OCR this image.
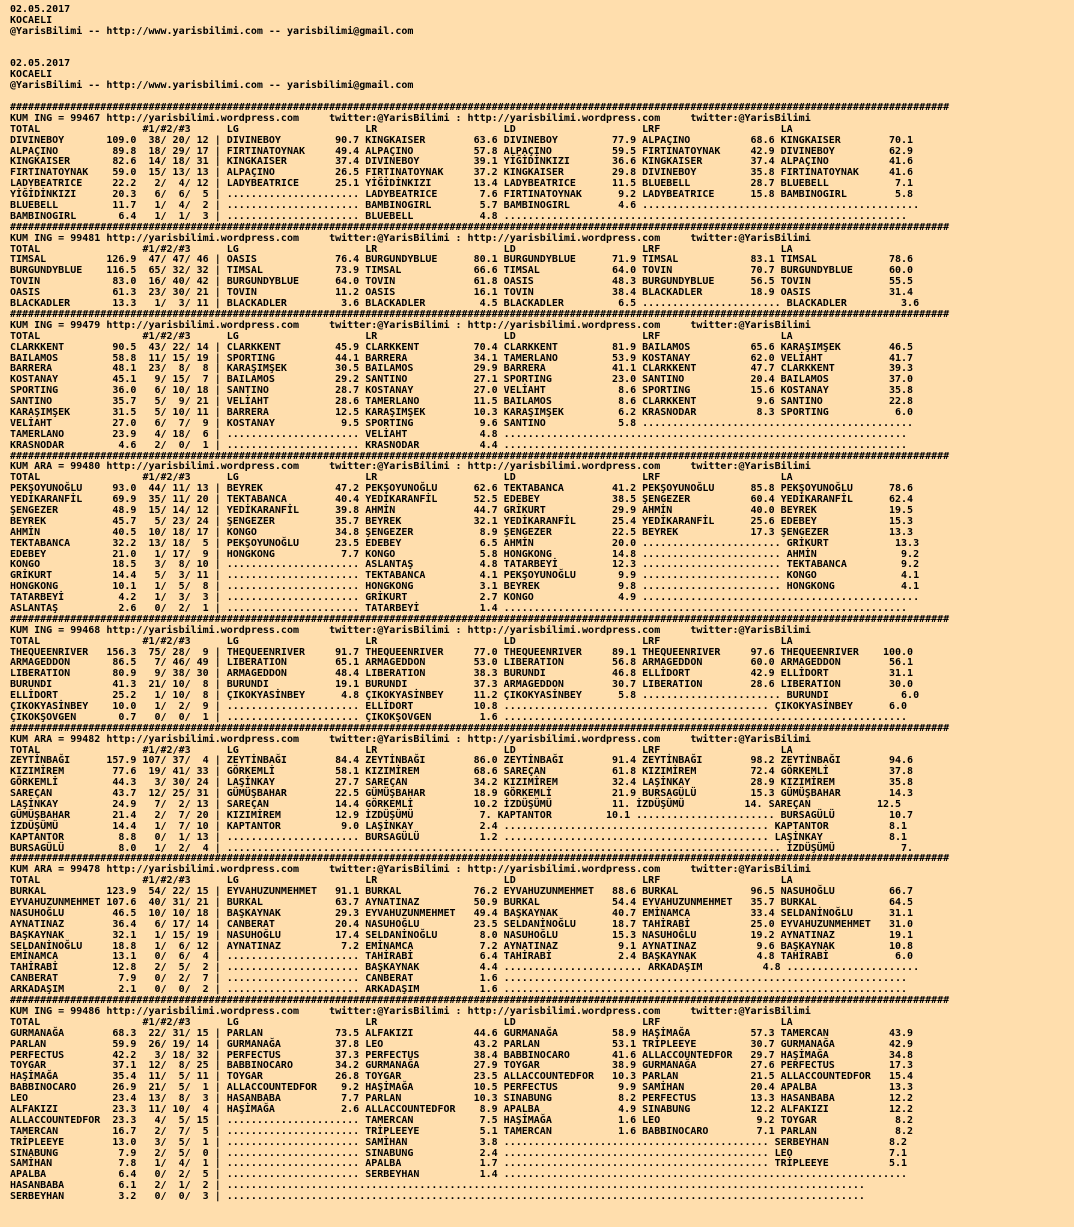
02.05.2017
KOCAELI
@YarisBilimi -- http://www.yarisbilimi.com -- yarisbilimi@gmail.com

02.05.2017
KOCAELI
@YarisBilimi -- http://www.yarisbilimi.com -- yarisbilimi@gmail.com

############################################################################################################################################################
KUM ING = 99467 http://yarisbilimi.wordpress.com     twitter:@YarisBilimi : http://yarisbilimi.wordpress.com     twitter:@YarisBilimi
TOTAL                 #1/#2/#3      LG                     LR                     LD                     LRF                    LA
DIVINEBOY       109.0  38/ 20/ 12 | DIVINEBOY         90.7 KINGKAISER        63.6 DIVINEBOY         77.9 ALPAÇINO          68.6 KINGKAISER        70.1
ALPAÇINO         89.8  18/ 29/ 17 | FIRTINATOYNAK     49.4 ALPAÇINO          57.8 ALPAÇINO          59.5 FIRTINATOYNAK     42.9 DIVINEBOY         62.9
KINGKAISER       82.6  14/ 18/ 31 | KINGKAISER        37.4 DIVINEBOY         39.1 YİĞİDİNKIZI       36.6 KINGKAISER        37.4 ALPAÇINO          41.6
FIRTINATOYNAK    59.0  15/ 13/ 13 | ALPAÇINO          26.5 FIRTINATOYNAK     37.2 KINGKAISER        29.8 DIVINEBOY         35.8 FIRTINATOYNAK     41.6
LADYBEATRICE     22.2   2/  4/ 12 | LADYBEATRICE      25.1 YİĞİDİNKIZI       13.4 LADYBEATRICE      11.5 BLUEBELL          28.7 BLUEBELL           7.1
YİĞİDİNKIZI      20.3   6/  6/  5 | ...................... LADYBEATRICE       7.6 FIRTINATOYNAK      9.2 LADYBEATRICE      15.8 BAMBINOGIRL        5.8
BLUEBELL         11.7   1/  4/  2 | ...................... BAMBINOGIRL        5.7 BAMBINOGIRL        4.6 ..............................................
BAMBINOGIRL       6.4   1/  1/  3 | ...................... BLUEBELL           4.8 ...................................................................
############################################################################################################################################################
KUM ING = 99481 http://yarisbilimi.wordpress.com     twitter:@YarisBilimi : http://yarisbilimi.wordpress.com     twitter:@YarisBilimi
TOTAL                 #1/#2/#3      LG                     LR                     LD                     LRF                    LA
TIMSAL          126.9  47/ 47/ 46 | OASIS             76.4 BURGUNDYBLUE      80.1 BURGUNDYBLUE      71.9 TIMSAL            83.1 TIMSAL            78.6
BURGUNDYBLUE    116.5  65/ 32/ 32 | TIMSAL            73.9 TIMSAL            66.6 TIMSAL            64.0 TOVIN             70.7 BURGUNDYBLUE      60.0
TOVIN            83.0  16/ 40/ 42 | BURGUNDYBLUE      64.0 TOVIN             61.8 OASIS             48.3 BURGUNDYBLUE      56.5 TOVIN             55.5
OASIS            61.3  23/ 30/ 21 | TOVIN             11.2 OASIS             16.1 TOVIN             38.4 BLACKADLER        18.9 OASIS             31.4
BLACKADLER       13.3   1/  3/ 11 | BLACKADLER         3.6 BLACKADLER         4.5 BLACKADLER         6.5 ....................... BLACKADLER         3.6
############################################################################################################################################################
KUM ING = 99479 http://yarisbilimi.wordpress.com     twitter:@YarisBilimi : http://yarisbilimi.wordpress.com     twitter:@YarisBilimi
TOTAL                 #1/#2/#3      LG                     LR                     LD                     LRF                    LA
CLARKKENT        90.5  43/ 22/ 14 | CLARKKENT         45.9 CLARKKENT         70.4 CLARKKENT         81.9 BAILAMOS          65.6 KARAŞIMŞEK        46.5
BAILAMOS         58.8  11/ 15/ 19 | SPORTING          44.1 BARRERA           34.1 TAMERLANO         53.9 KOSTANAY          62.0 VELİAHT           41.7
BARRERA          48.1  23/  8/  8 | KARAŞIMŞEK        30.5 BAILAMOS          29.9 BARRERA           41.1 CLARKKENT         47.7 CLARKKENT         39.3
KOSTANAY         45.1   9/ 15/  7 | BAILAMOS          29.2 SANTINO           27.1 SPORTING          23.0 SANTINO           20.4 BAILAMOS          37.0
SPORTING         36.0   6/ 10/ 18 | SANTINO           28.7 KOSTANAY          27.0 VELİAHT            8.6 SPORTING          15.6 KOSTANAY          35.8
SANTINO          35.7   5/  9/ 21 | VELİAHT           28.6 TAMERLANO         11.5 BAILAMOS           8.6 CLARKKENT          9.6 SANTINO           22.8
KARAŞIMŞEK       31.5   5/ 10/ 11 | BARRERA           12.5 KARAŞIMŞEK        10.3 KARAŞIMŞEK         6.2 KRASNODAR          8.3 SPORTING           6.0
VELİAHT          27.0   6/  7/  9 | KOSTANAY           9.5 SPORTING           9.6 SANTINO            5.8 .............................................
TAMERLANO        23.9   4/ 18/  6 | ...................... VELİAHT            4.8 ...................................................................
KRASNODAR         4.6   2/  0/  1 | ...................... KRASNODAR          4.4 ...................................................................
############################################################################################################################################################
KUM ARA = 99480 http://yarisbilimi.wordpress.com     twitter:@YarisBilimi : http://yarisbilimi.wordpress.com     twitter:@YarisBilimi
TOTAL                 #1/#2/#3      LG                     LR                     LD                     LRF                    LA
PEKŞOYUNOĞLU     93.0  44/ 11/ 13 | BEYREK            47.2 PEKŞOYUNOĞLU      62.6 TEKTABANCA        41.2 PEKŞOYUNOĞLU      85.8 PEKŞOYUNOĞLU      78.6
YEDİKARANFİL     69.9  35/ 11/ 20 | TEKTABANCA        40.4 YEDİKARANFİL      52.5 EDEBEY            38.5 ŞENGEZER          60.4 YEDİKARANFİL      62.4
ŞENGEZER         48.9  15/ 14/ 12 | YEDİKARANFİL      39.8 AHMİN             44.7 GRİKURT           29.9 AHMİN             40.0 BEYREK            19.5
BEYREK           45.7   5/ 23/ 24 | ŞENGEZER          35.7 BEYREK            32.1 YEDİKARANFİL      25.4 YEDİKARANFİL      25.6 EDEBEY            15.3
AHMİN            40.5  10/ 18/ 17 | KONGO             34.8 ŞENGEZER           8.9 ŞENGEZER          22.5 BEYREK            17.3 ŞENGEZER          13.3
TEKTABANCA       32.2  13/ 18/  5 | PEKŞOYUNOĞLU      23.5 EDEBEY             6.5 AHMİN             20.0 ....................... GRİKURT           13.3
EDEBEY           21.0   1/ 17/  9 | HONGKONG           7.7 KONGO              5.8 HONGKONG          14.8 ....................... AHMİN              9.2
KONGO            18.5   3/  8/ 10 | ...................... ASLANTAŞ           4.8 TATARBEYİ         12.3 ....................... TEKTABANCA         9.2
GRİKURT          14.4   5/  3/ 11 | ...................... TEKTABANCA         4.1 PEKŞOYUNOĞLU       9.9 ....................... KONGO              4.1
HONGKONG         10.1   1/  5/  8 | ...................... HONGKONG           3.1 BEYREK             9.8 ....................... HONGKONG           4.1
TATARBEYİ         4.2   1/  3/  3 | ...................... GRİKURT            2.7 KONGO              4.9 ..............................................
ASLANTAŞ          2.6   0/  2/  1 | ...................... TATARBEYİ          1.4 ...................................................................
############################################################################################################################################################
KUM ING = 99468 http://yarisbilimi.wordpress.com     twitter:@YarisBilimi : http://yarisbilimi.wordpress.com     twitter:@YarisBilimi
TOTAL                 #1/#2/#3      LG                     LR                     LD                     LRF                    LA
THEQUEENRIVER   156.3  75/ 28/  9 | THEQUEENRIVER     91.7 THEQUEENRIVER     77.0 THEQUEENRIVER     89.1 THEQUEENRIVER     97.6 THEQUEENRIVER    100.0
ARMAGEDDON       86.5   7/ 46/ 49 | LIBERATION        65.1 ARMAGEDDON        53.0 LIBERATION        56.8 ARMAGEDDON        60.0 ARMAGEDDON        56.1
LIBERATION       80.9   9/ 38/ 30 | ARMAGEDDON        48.4 LIBERATION        38.3 BURUNDI           46.8 ELLİDORT          42.9 ELLİDORT          31.1
BURUNDI          41.3  21/ 10/  8 | BURUNDI           19.1 BURUNDI           37.3 ARMAGEDDON        30.7 LIBERATION        28.6 LIBERATION        30.0
ELLİDORT         25.2   1/ 10/  8 | ÇIKOKYASİNBEY      4.8 ÇIKOKYASİNBEY     11.2 ÇIKOKYASİNBEY      5.8 ....................... BURUNDI            6.0
ÇIKOKYASİNBEY    10.0   1/  2/  9 | ...................... ELLİDORT          10.8 ............................................ ÇIKOKYASİNBEY      6.0
ÇIKOKŞOVGEN       0.7   0/  0/  1 | ...................... ÇIKOKŞOVGEN        1.6 ...................................................................
############################################################################################################################################################
KUM ARA = 99482 http://yarisbilimi.wordpress.com     twitter:@YarisBilimi : http://yarisbilimi.wordpress.com     twitter:@YarisBilimi
TOTAL                 #1/#2/#3      LG                     LR                     LD                     LRF                    LA
ZEYTİNBAĞI      157.9 107/ 37/  4 | ZEYTİNBAĞI        84.4 ZEYTİNBAĞI        86.0 ZEYTİNBAĞI        91.4 ZEYTİNBAĞI        98.2 ZEYTİNBAĞI        94.6
KIZIMİREM        77.6  19/ 41/ 33 | GÖRKEMLİ          58.1 KIZIMİREM         68.6 SAREÇAN           61.8 KIZIMİREM         72.4 GÖRKEMLİ          37.8
GÖRKEMLİ         44.3   3/ 30/ 24 | LAŞİNKAY          27.7 SAREÇAN           34.2 KIZIMİREM         32.4 LAŞİNKAY          28.9 KIZIMİREM         35.8
SAREÇAN          43.7  12/ 25/ 31 | GÜMÜŞBAHAR        22.5 GÜMÜŞBAHAR        18.9 GÖRKEMLİ          21.9 BURSAGÜLÜ         15.3 GÜMÜŞBAHAR        14.3
LAŞİNKAY         24.9   7/  2/ 13 | SAREÇAN           14.4 GÖRKEMLİ          10.2 İZDÜŞÜMÜ          11. İZDÜŞÜMÜ          14. SAREÇAN           12.5
GÜMÜŞBAHAR       21.4   2/  7/ 20 | KIZIMİREM         12.9 İZDÜŞÜMÜ           7. KAPTANTOR         10.1 ....................... BURSAGÜLÜ         10.7
İZDÜŞÜMÜ         14.4   1/  7/ 10 | KAPTANTOR          9.0 LAŞİNKAY           2.4 ............................................ KAPTANTOR          8.1
KAPTANTOR         8.8   0/  1/ 13 | ...................... BURSAGÜLÜ          1.2 ............................................ LAŞİNKAY           8.1
BURSAGÜLÜ         8.0   1/  2/  4 | ............................................................................................ İZDÜŞÜMÜ           7.
############################################################################################################################################################
KUM ARA = 99478 http://yarisbilimi.wordpress.com     twitter:@YarisBilimi : http://yarisbilimi.wordpress.com     twitter:@YarisBilimi
TOTAL                 #1/#2/#3      LG                     LR                     LD                     LRF                    LA
BURKAL          123.9  54/ 22/ 15 | EYVAHUZUNMEHMET   91.1 BURKAL            76.2 EYVAHUZUNMEHMET   88.6 BURKAL            96.5 NASUHOĞLU         66.7
EYVAHUZUNMEHMET 107.6  40/ 31/ 21 | BURKAL            63.7 AYNATINAZ         50.9 BURKAL            54.4 EYVAHUZUNMEHMET   35.7 BURKAL            64.5
NASUHOĞLU        46.5  10/ 10/ 18 | BAŞKAYNAK         29.3 EYVAHUZUNMEHMET   49.4 BAŞKAYNAK         40.7 EMİNAMCA          33.4 SELDANİNOĞLU      31.1
AYNATINAZ        36.4   6/ 17/ 14 | CANBERAT          20.4 NASUHOĞLU         23.5 SELDANİNOĞLU      18.7 TAHİRABİ          25.0 EYVAHUZUNMEHMET   31.0
BAŞKAYNAK        32.1   1/ 15/ 19 | NASUHOĞLU         17.4 SELDANİNOĞLU       8.0 NASUHOĞLU         15.3 NASUHOĞLU         19.2 AYNATINAZ         19.1
SELDANİNOĞLU     18.8   1/  6/ 12 | AYNATINAZ          7.2 EMİNAMCA           7.2 AYNATINAZ          9.1 AYNATINAZ          9.6 BAŞKAYNAK         10.8
EMİNAMCA         13.1   0/  6/  4 | ...................... TAHİRABİ           6.4 TAHİRABİ           2.4 BAŞKAYNAK          4.8 TAHİRABİ           6.0
TAHİRABİ         12.8   2/  5/  2 | ...................... BAŞKAYNAK          4.4 ....................... ARKADAŞIM          4.8 ......................
CANBERAT          7.9   0/  2/  7 | ...................... CANBERAT           1.6 ...................................................................
ARKADAŞIM         2.1   0/  0/  2 | ...................... ARKADAŞIM          1.6 ...................................................................
############################################################################################################################################################
KUM ING = 99486 http://yarisbilimi.wordpress.com     twitter:@YarisBilimi : http://yarisbilimi.wordpress.com     twitter:@YarisBilimi
TOTAL                 #1/#2/#3      LG                     LR                     LD                     LRF                    LA
GURMANAĞA        68.3  22/ 31/ 15 | PARLAN            73.5 ALFAKIZI          44.6 GURMANAĞA         58.9 HAŞİMAĞA          57.3 TAMERCAN          43.9
PARLAN           59.9  26/ 19/ 14 | GURMANAĞA         37.8 LEO               43.2 PARLAN            53.1 TRİPLEEYE         30.7 GURMANAĞA         42.9
PERFECTUS        42.2   3/ 18/ 32 | PERFECTUS         37.3 PERFECTUS         38.4 BABBINOCARO       41.6 ALLACCOUNTEDFOR   29.7 HAŞİMAĞA          34.8
TOYGAR           37.1  12/  8/ 25 | BABBINOCARO       34.2 GURMANAĞA         27.9 TOYGAR            38.9 GURMANAĞA         27.6 PERFECTUS         17.3
HAŞİMAĞA         35.4  11/  5/ 11 | TOYGAR            26.8 TOYGAR            23.5 ALLACCOUNTEDFOR   10.3 PARLAN            21.5 ALLACCOUNTEDFOR   15.4
BABBINOCARO      26.9  21/  5/  1 | ALLACCOUNTEDFOR    9.2 HAŞİMAĞA          10.5 PERFECTUS          9.9 SAMİHAN           20.4 APALBA            13.3
LEO              23.4  13/  8/  3 | HASANBABA          7.7 PARLAN            10.3 SINABUNG           8.2 PERFECTUS         13.3 HASANBABA         12.2
ALFAKIZI         23.3  11/ 10/  4 | HAŞİMAĞA           2.6 ALLACCOUNTEDFOR    8.9 APALBA             4.9 SINABUNG          12.2 ALFAKIZI          12.2
ALLACCOUNTEDFOR  23.3   4/  5/ 15 | ...................... TAMERCAN           7.5 HAŞİMAĞA           1.6 LEO                9.2 TOYGAR             8.2
TAMERCAN         16.7   2/  7/  5 | ...................... TRİPLEEYE          5.1 TAMERCAN           1.6 BABBINOCARO        7.1 PARLAN             8.2
TRİPLEEYE        13.0   3/  5/  1 | ...................... SAMİHAN            3.8 ............................................ SERBEYHAN          8.2
SINABUNG          7.9   2/  5/  0 | ...................... SINABUNG           2.4 ............................................ LEO                7.1
SAMİHAN           7.8   1/  4/  1 | ...................... APALBA             1.7 ............................................ TRİPLEEYE          5.1
APALBA            6.4   0/  2/  5 | ...................... SERBEYHAN          1.4 ...................................................................
HASANBABA         6.1   2/  1/  2 | ..........................................................................................................
SERBEYHAN         3.2   0/  0/  3 | ..........................................................................................................
